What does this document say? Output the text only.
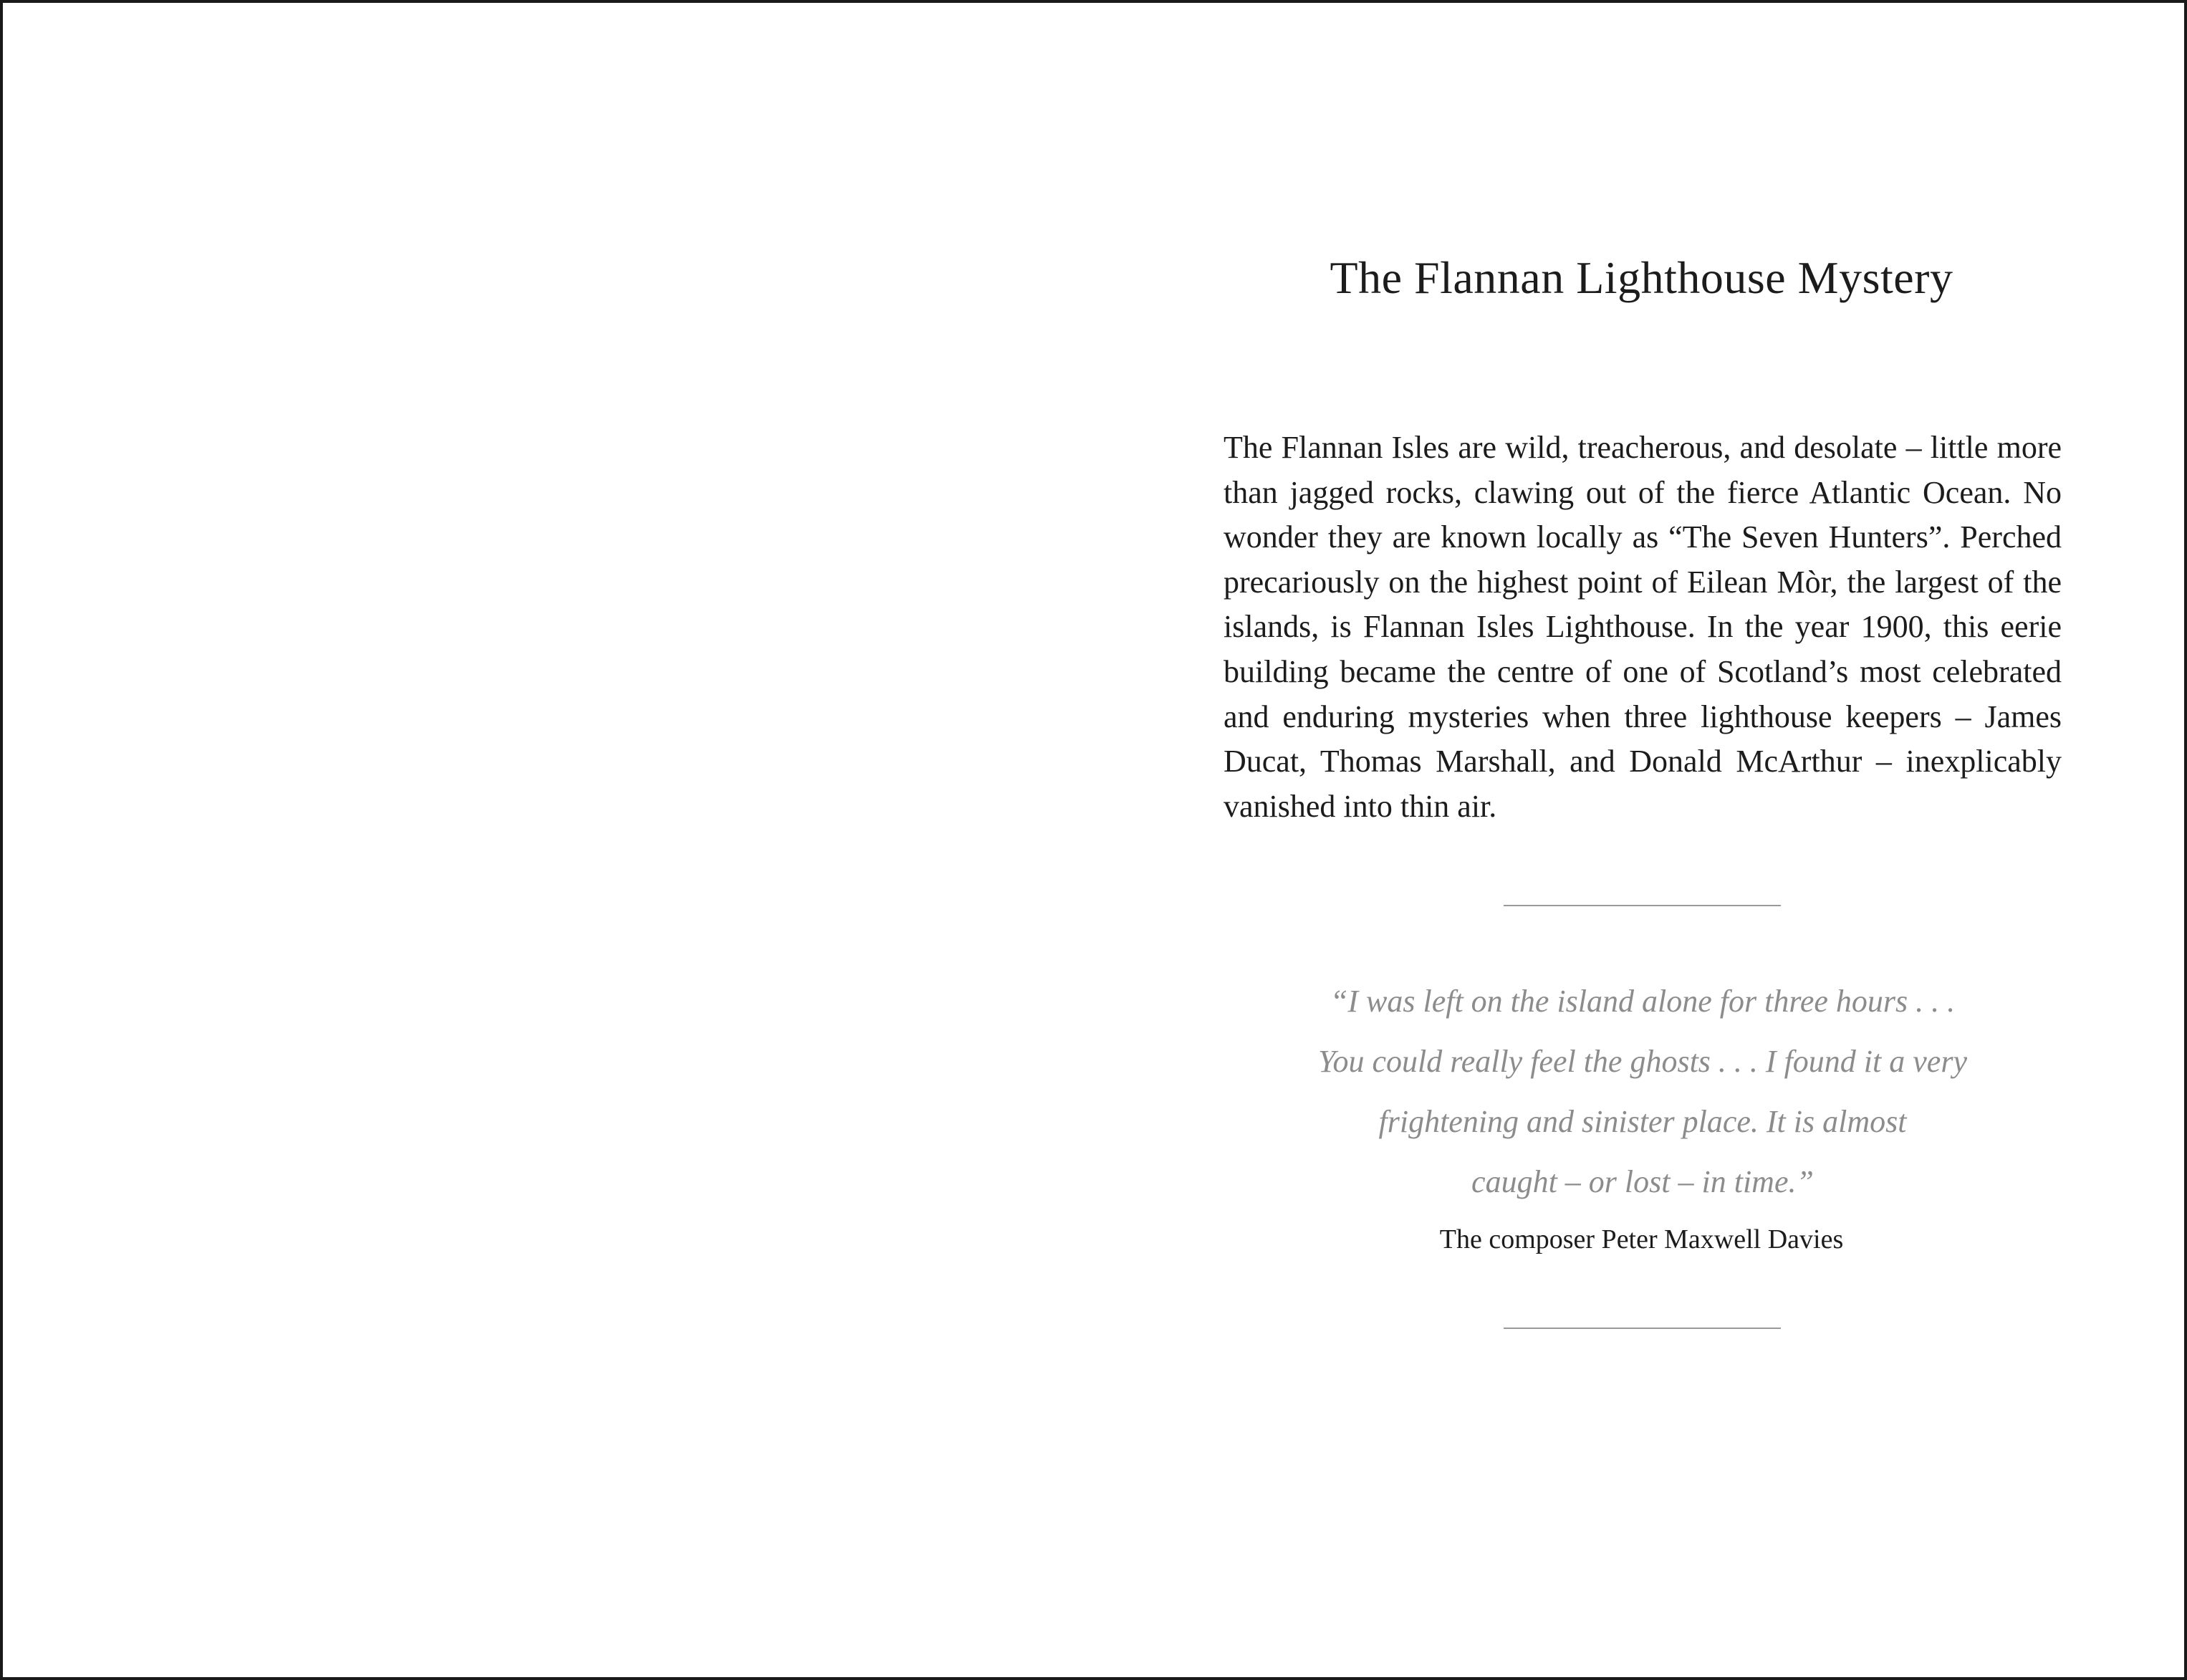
The Flannan Lighthouse Mystery

The Flannan Isles are wild, treacherous, and desolate – little more than jagged rocks, clawing out of the fierce Atlantic Ocean. No wonder they are known locally as “The Seven Hunters”. Perched precariously on the highest point of Eilean Mòr, the largest of the islands, is Flannan Isles Lighthouse. In the year 1900, this eerie building became the centre of one of Scotland’s most celebrated and enduring mysteries when three lighthouse keepers – James Ducat, Thomas Marshall, and Donald McArthur – inexplicably vanished into thin air.

“I was left on the island alone for three hours . . .
You could really feel the ghosts . . . I found it a very
frightening and sinister place. It is almost
caught – or lost – in time.”

The composer Peter Maxwell Davies
